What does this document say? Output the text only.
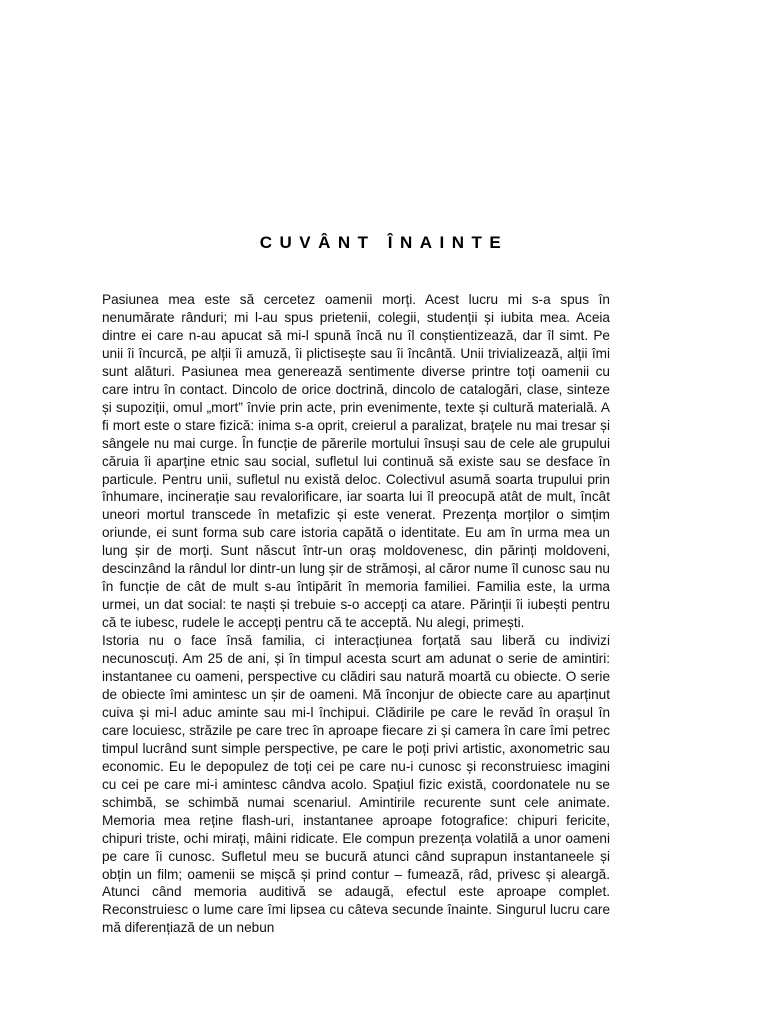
CUVÂNT ÎNAINTE

Pasiunea mea este să cercetez oamenii morți. Acest lucru mi s-a spus în nenumărate rânduri; mi l-au spus prietenii, colegii, studenții și iubita mea. Aceia dintre ei care n-au apucat să mi-l spună încă nu îl conștientizează, dar îl simt. Pe unii îi încurcă, pe alții îi amuză, îi plictisește sau îi încântă. Unii trivializează, alții îmi sunt alături. Pasiunea mea generează sentimente diverse printre toți oamenii cu care intru în contact. Dincolo de orice doctrină, dincolo de catalogări, clase, sinteze și supoziții, omul „mort” învie prin acte, prin evenimente, texte și cultură materială. A fi mort este o stare fizică: inima s-a oprit, creierul a paralizat, brațele nu mai tresar și sângele nu mai curge. În funcție de părerile mortului însuși sau de cele ale grupului căruia îi aparține etnic sau social, sufletul lui continuă să existe sau se desface în particule. Pentru unii, sufletul nu există deloc. Colectivul asumă soarta trupului prin înhumare, incinerație sau revalorificare, iar soarta lui îl preocupă atât de mult, încât uneori mortul transcede în metafizic și este venerat. Prezența morților o simțim oriunde, ei sunt forma sub care istoria capătă o identitate. Eu am în urma mea un lung șir de morți. Sunt născut într-un oraș moldovenesc, din părinți moldoveni, descinzând la rândul lor dintr-un lung șir de strămoși, al căror nume îl cunosc sau nu în funcție de cât de mult s-au întipărit în memoria familiei. Familia este, la urma urmei, un dat social: te naști și trebuie s-o accepți ca atare. Părinții îi iubești pentru că te iubesc, rudele le accepți pentru că te acceptă. Nu alegi, primești.

Istoria nu o face însă familia, ci interacțiunea forțată sau liberă cu indivizi necunoscuți. Am 25 de ani, și în timpul acesta scurt am adunat o serie de amintiri: instantanee cu oameni, perspective cu clădiri sau natură moartă cu obiecte. O serie de obiecte îmi amintesc un șir de oameni. Mă înconjur de obiecte care au aparținut cuiva și mi-l aduc aminte sau mi-l închipui. Clădirile pe care le revăd în orașul în care locuiesc, străzile pe care trec în aproape fiecare zi și camera în care îmi petrec timpul lucrând sunt simple perspective, pe care le poți privi artistic, axonometric sau economic. Eu le depopulez de toți cei pe care nu-i cunosc și reconstruiesc imagini cu cei pe care mi-i amintesc cândva acolo. Spațiul fizic există, coordonatele nu se schimbă, se schimbă numai scenariul. Amintirile recurente sunt cele animate. Memoria mea reține flash-uri, instantanee aproape fotografice: chipuri fericite, chipuri triste, ochi mirați, mâini ridicate. Ele compun prezența volatilă a unor oameni pe care îi cunosc. Sufletul meu se bucură atunci când suprapun instantaneele și obțin un film; oamenii se mișcă și prind contur – fumează, râd, privesc și aleargă. Atunci când memoria auditivă se adaugă, efectul este aproape complet. Reconstruiesc o lume care îmi lipsea cu câteva secunde înainte. Singurul lucru care mă diferențiază de un nebun
